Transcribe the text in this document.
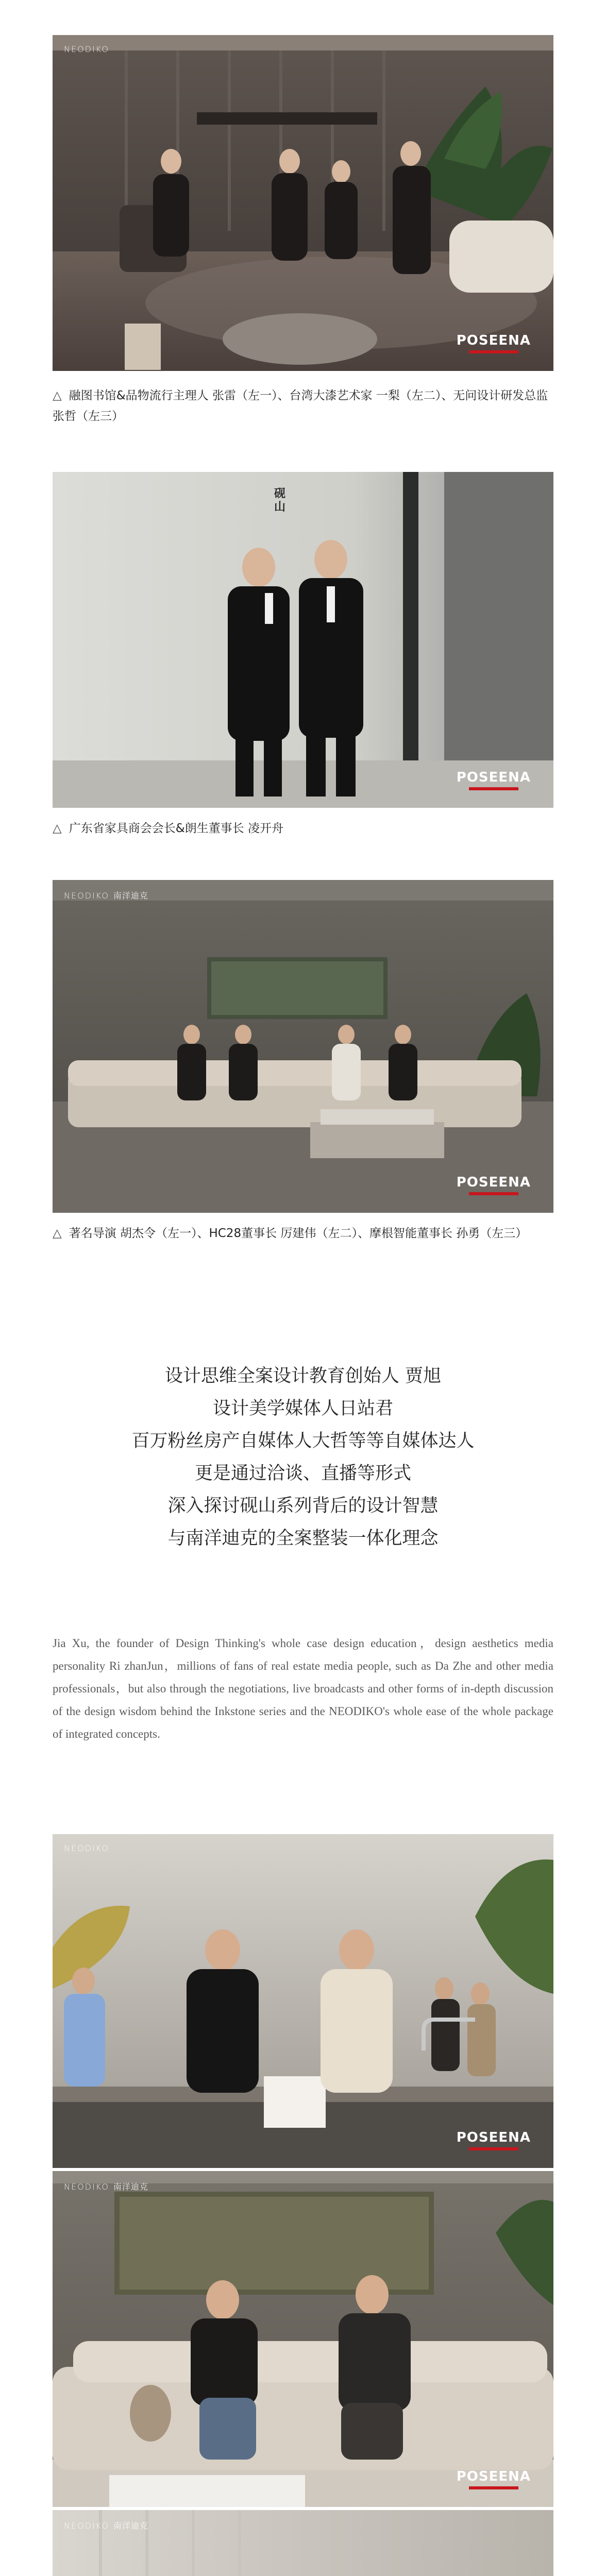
NEODIKO
POSEENA
△ 融图书馆&品物流行主理人 张雷（左一）、台湾大漆艺术家 一梨（左二）、无问设计研发总监张哲（左三）
砚山
POSEENA
△ 广东省家具商会会长&朗生董事长 凌开舟
NEODIKO 南洋迪克
POSEENA
△ 著名导演 胡杰令（左一）、HC28董事长 厉建伟（左二）、摩根智能董事长 孙勇（左三）
设计思维全案设计教育创始人 贾旭
设计美学媒体人日站君
百万粉丝房产自媒体人大哲等等自媒体达人
更是通过洽谈、直播等形式
深入探讨砚山系列背后的设计智慧
与南洋迪克的全案整装一体化理念
Jia Xu, the founder of Design Thinking's whole case design education，design aesthetics media personality Ri zhanJun，millions of fans of real estate media people, such as Da Zhe and other media professionals，but also through the negotiations, live broadcasts and other forms of in-depth discussion of the design wisdom behind the Inkstone series and the NEODIKO's whole ease of the whole package of integrated concepts.
NEODIKO
POSEENA
NEODIKO 南洋迪克
POSEENA
NEODIKO 南洋迪克
